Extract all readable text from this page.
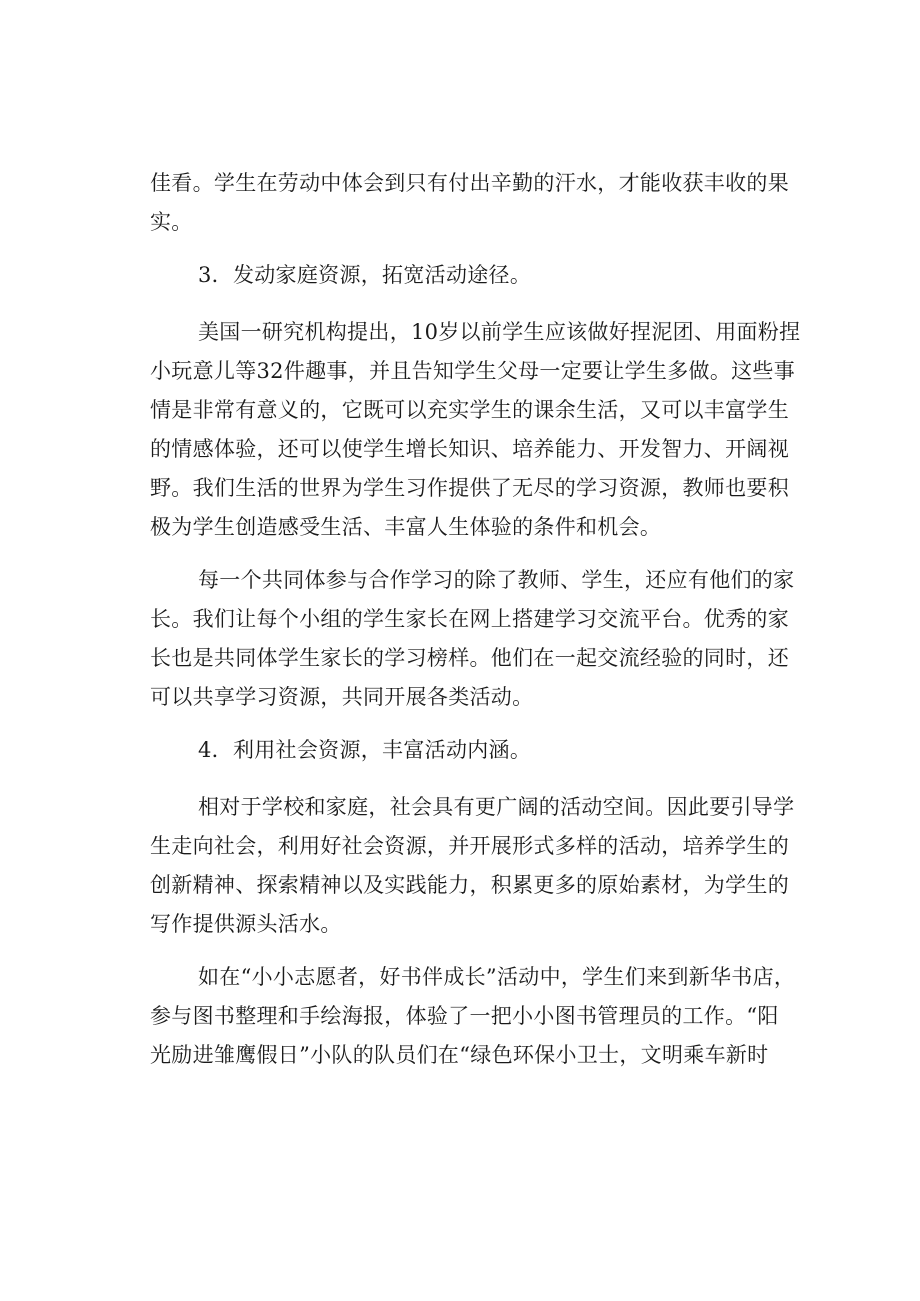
佳看。学生在劳动中体会到只有付出辛勤的汗水，才能收获丰收的果
实。
3．发动家庭资源，拓宽活动途径。
美国一研究机构提出，10岁以前学生应该做好捏泥团、用面粉捏
小玩意儿等32件趣事，并且告知学生父母一定要让学生多做。这些事
情是非常有意义的，它既可以充实学生的课余生活，又可以丰富学生
的情感体验，还可以使学生增长知识、培养能力、开发智力、开阔视
野。我们生活的世界为学生习作提供了无尽的学习资源，教师也要积
极为学生创造感受生活、丰富人生体验的条件和机会。
每一个共同体参与合作学习的除了教师、学生，还应有他们的家
长。我们让每个小组的学生家长在网上搭建学习交流平台。优秀的家
长也是共同体学生家长的学习榜样。他们在一起交流经验的同时，还
可以共享学习资源，共同开展各类活动。
4．利用社会资源，丰富活动内涵。
相对于学校和家庭，社会具有更广阔的活动空间。因此要引导学
生走向社会，利用好社会资源，并开展形式多样的活动，培养学生的
创新精神、探索精神以及实践能力，积累更多的原始素材，为学生的
写作提供源头活水。
如在“小小志愿者，好书伴成长”活动中，学生们来到新华书店，
参与图书整理和手绘海报，体验了一把小小图书管理员的工作。“阳
光励进雏鹰假日”小队的队员们在“绿色环保小卫士，文明乘车新时
